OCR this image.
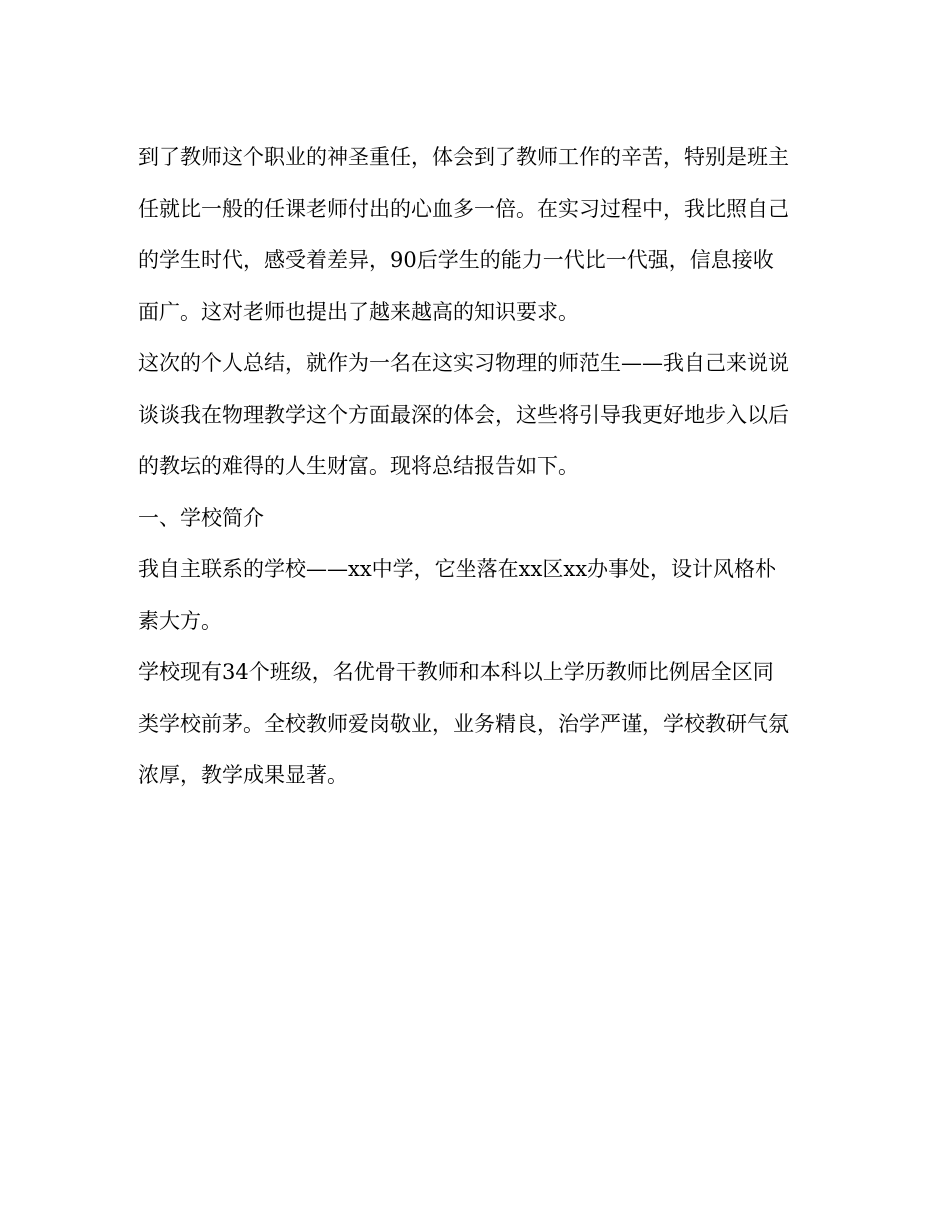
到了教师这个职业的神圣重任，体会到了教师工作的辛苦，特别是班主
任就比一般的任课老师付出的心血多一倍。在实习过程中，我比照自己
的学生时代，感受着差异，90后学生的能力一代比一代强，信息接收
面广。这对老师也提出了越来越高的知识要求。
这次的个人总结，就作为一名在这实习物理的师范生——我自己来说说
谈谈我在物理教学这个方面最深的体会，这些将引导我更好地步入以后
的教坛的难得的人生财富。现将总结报告如下。
一、学校简介
我自主联系的学校——xx中学，它坐落在xx区xx办事处，设计风格朴
素大方。
学校现有34个班级，名优骨干教师和本科以上学历教师比例居全区同
类学校前茅。全校教师爱岗敬业，业务精良，治学严谨，学校教研气氛
浓厚，教学成果显著。
